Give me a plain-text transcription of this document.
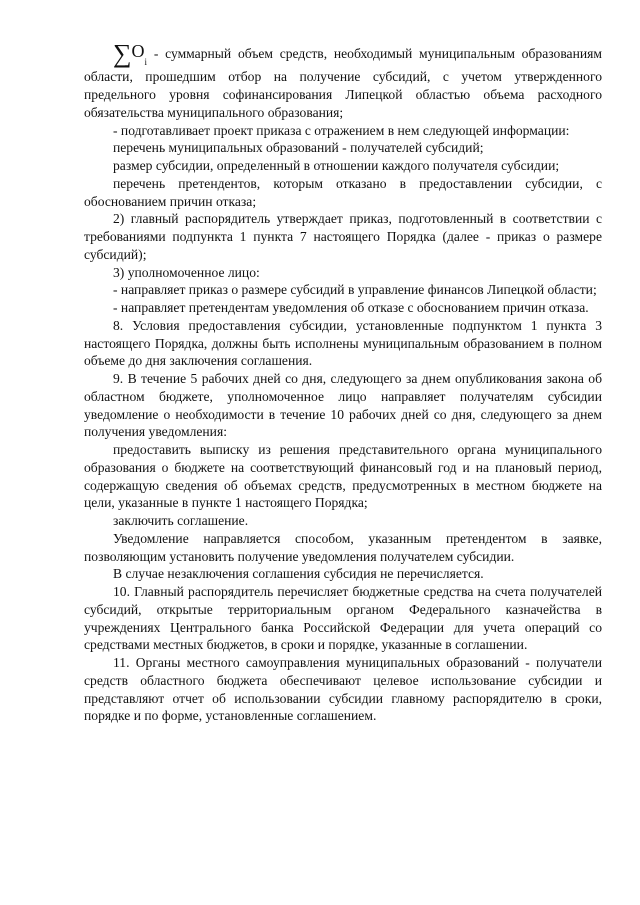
$\sum O_i$ - суммарный объем средств, необходимый муниципальным образованиям области, прошедшим отбор на получение субсидий, с учетом утвержденного предельного уровня софинансирования Липецкой областью объема расходного обязательства муниципального образования;

- подготавливает проект приказа с отражением в нем следующей информации:

перечень муниципальных образований - получателей субсидий;

размер субсидии, определенный в отношении каждого получателя субсидии;

перечень претендентов, которым отказано в предоставлении субсидии, с обоснованием причин отказа;

2) главный распорядитель утверждает приказ, подготовленный в соответствии с требованиями подпункта 1 пункта 7 настоящего Порядка (далее - приказ о размере субсидий);

3) уполномоченное лицо:

- направляет приказ о размере субсидий в управление финансов Липецкой области;

- направляет претендентам уведомления об отказе с обоснованием причин отказа.

8. Условия предоставления субсидии, установленные подпунктом 1 пункта 3 настоящего Порядка, должны быть исполнены муниципальным образованием в полном объеме до дня заключения соглашения.

9. В течение 5 рабочих дней со дня, следующего за днем опубликования закона об областном бюджете, уполномоченное лицо направляет получателям субсидии уведомление о необходимости в течение 10 рабочих дней со дня, следующего за днем получения уведомления:

предоставить выписку из решения представительного органа муниципального образования о бюджете на соответствующий финансовый год и на плановый период, содержащую сведения об объемах средств, предусмотренных в местном бюджете на цели, указанные в пункте 1 настоящего Порядка;

заключить соглашение.

Уведомление направляется способом, указанным претендентом в заявке, позволяющим установить получение уведомления получателем субсидии.

В случае незаключения соглашения субсидия не перечисляется.

10. Главный распорядитель перечисляет бюджетные средства на счета получателей субсидий, открытые территориальным органом Федерального казначейства в учреждениях Центрального банка Российской Федерации для учета операций со средствами местных бюджетов, в сроки и порядке, указанные в соглашении.

11. Органы местного самоуправления муниципальных образований - получатели средств областного бюджета обеспечивают целевое использование субсидии и представляют отчет об использовании субсидии главному распорядителю в сроки, порядке и по форме, установленные соглашением.
